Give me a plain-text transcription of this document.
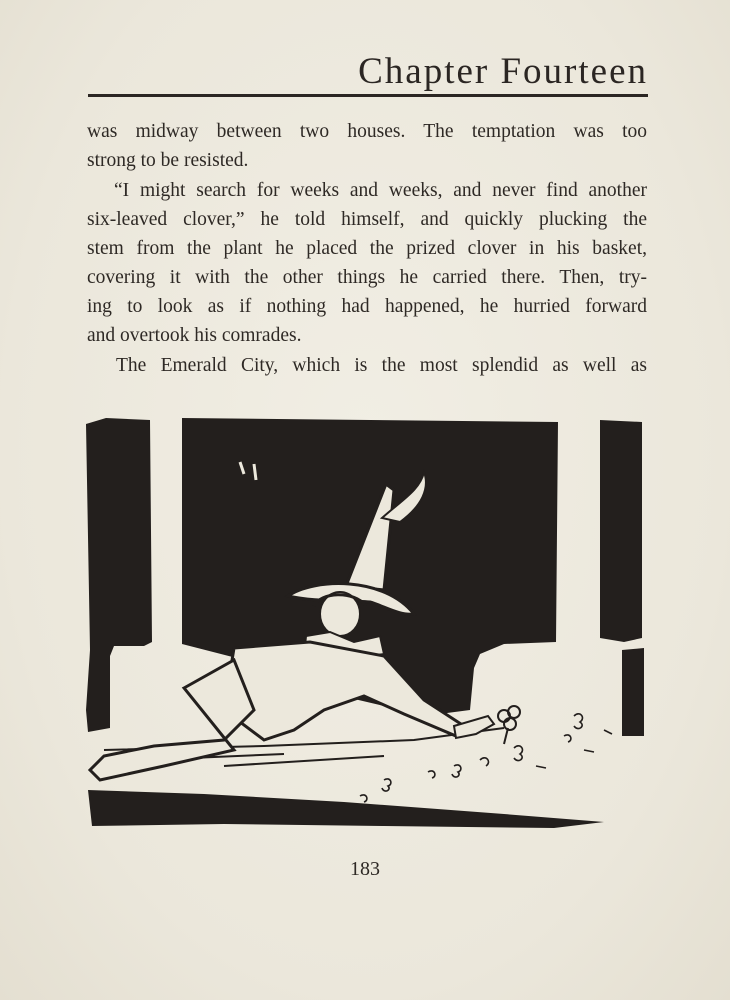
Chapter Fourteen
was midway between two houses. The temptation was too
strong to be resisted.
“I might search for weeks and weeks, and never find another
six-leaved clover,” he told himself, and quickly plucking the
stem from the plant he placed the prized clover in his basket,
covering it with the other things he carried there. Then, try-
ing to look as if nothing had happened, he hurried forward
and overtook his comrades.
The Emerald City, which is the most splendid as well as
183
